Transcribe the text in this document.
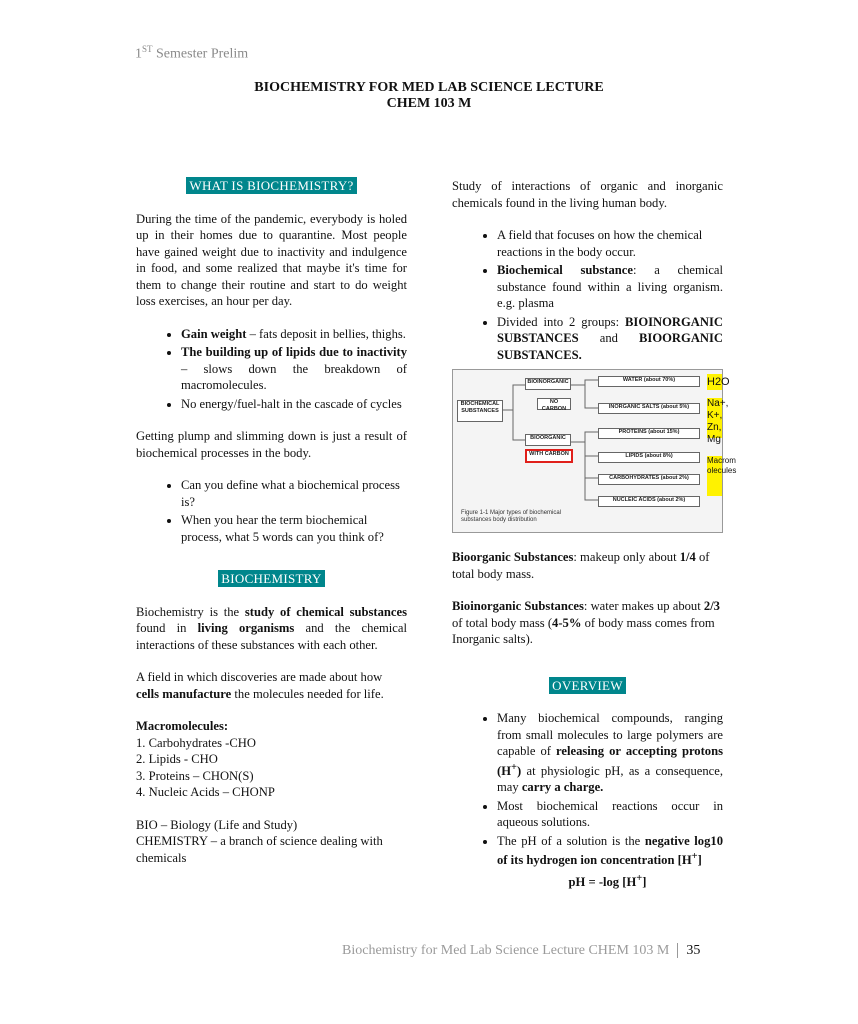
1ST Semester Prelim
BIOCHEMISTRY FOR MED LAB SCIENCE LECTURE
CHEM 103 M
WHAT IS BIOCHEMISTRY?

During the time of the pandemic, everybody is holed up in their homes due to quarantine. Most people have gained weight due to inactivity and indulgence in food, and some realized that maybe it's time for them to change their routine and start to do weight loss exercises, an hour per day.

• Gain weight – fats deposit in bellies, thighs.
• The building up of lipids due to inactivity – slows down the breakdown of macromolecules.
• No energy/fuel-halt in the cascade of cycles

Getting plump and slimming down is just a result of biochemical processes in the body.

• Can you define what a biochemical process is?
• When you hear the term biochemical process, what 5 words can you think of?
BIOCHEMISTRY

Biochemistry is the study of chemical substances found in living organisms and the chemical interactions of these substances with each other.

A field in which discoveries are made about how cells manufacture the molecules needed for life.

Macromolecules:
1. Carbohydrates -CHO
2. Lipids - CHO
3. Proteins – CHON(S)
4. Nucleic Acids – CHONP
BIO – Biology (Life and Study)
CHEMISTRY – a branch of science dealing with chemicals

Study of interactions of organic and inorganic chemicals found in the living human body.

• A field that focuses on how the chemical reactions in the body occur.
• Biochemical substance: a chemical substance found within a living organism. e.g. plasma
• Divided into 2 groups: BIOINORGANIC SUBSTANCES and BIOORGANIC SUBSTANCES.
BIOCHEMICAL SUBSTANCES
BIOINORGANIC
NO CARBON
BIOORGANIC
WITH CARBON
WATER (about 70%)
INORGANIC SALTS (about 5%)
PROTEINS (about 15%)
LIPIDS (about 8%)
CARBOHYDRATES (about 2%)
NUCLEIC ACIDS (about 2%)
H2O
Na+, K+, Zn, Mg
Macrom olecules
Figure 1-1 Major types of biochemical substances body distribution

Bioorganic Substances: makeup only about 1/4 of total body mass.

Bioinorganic Substances: water makes up about 2/3 of total body mass (4-5% of body mass comes from Inorganic salts).

OVERVIEW
• Many biochemical compounds, ranging from small molecules to large polymers are capable of releasing or accepting protons (H+) at physiologic pH, as a consequence, may carry a charge.
• Most biochemical reactions occur in aqueous solutions.
• The pH of a solution is the negative log10 of its hydrogen ion concentration [H+]
pH = -log [H+]
Biochemistry for Med Lab Science Lecture CHEM 103 M 35
